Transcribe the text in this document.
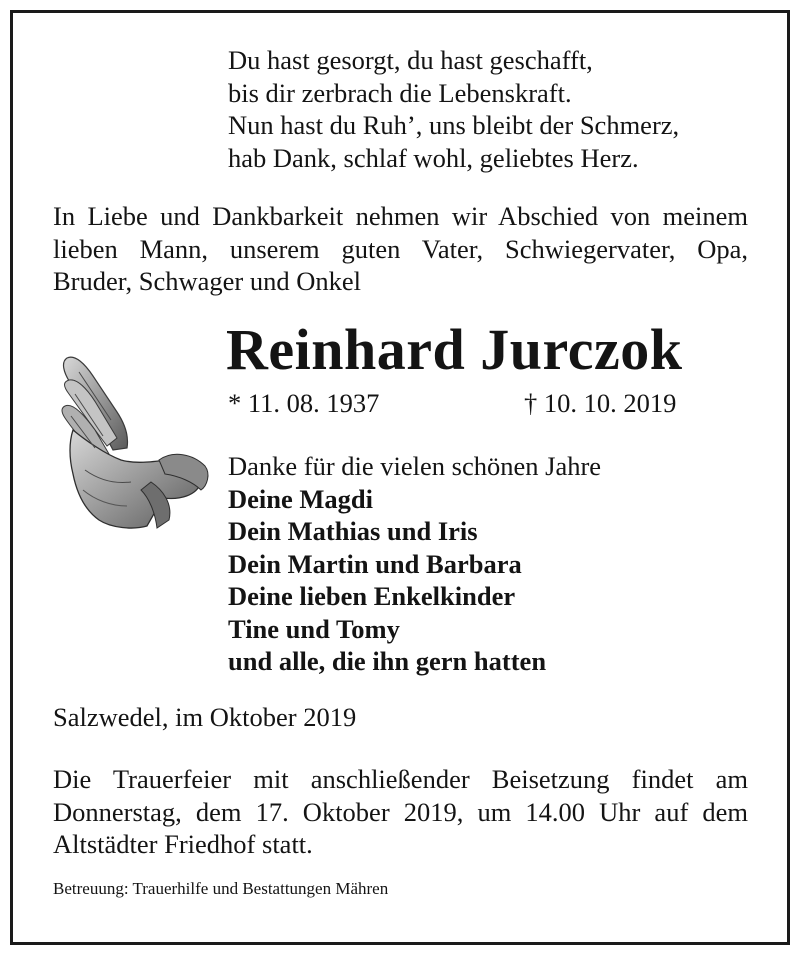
Du hast gesorgt, du hast geschafft,
bis dir zerbrach die Lebenskraft.
Nun hast du Ruh’, uns bleibt der Schmerz,
hab Dank, schlaf wohl, geliebtes Herz.
In Liebe und Dankbarkeit nehmen wir Abschied von meinem
lieben Mann, unserem guten Vater, Schwiegervater, Opa,
Bruder, Schwager und Onkel
Reinhard Jurczok
* 11. 08. 1937	† 10. 10. 2019
Danke für die vielen schönen Jahre
Deine Magdi
Dein Mathias und Iris
Dein Martin und Barbara
Deine lieben Enkelkinder
Tine und Tomy
und alle, die ihn gern hatten
Salzwedel, im Oktober 2019
Die Trauerfeier mit anschließender Beisetzung findet am
Donnerstag, dem 17. Oktober 2019, um 14.00 Uhr auf dem
Altstädter Friedhof statt.
Betreuung: Trauerhilfe und Bestattungen Mähren
